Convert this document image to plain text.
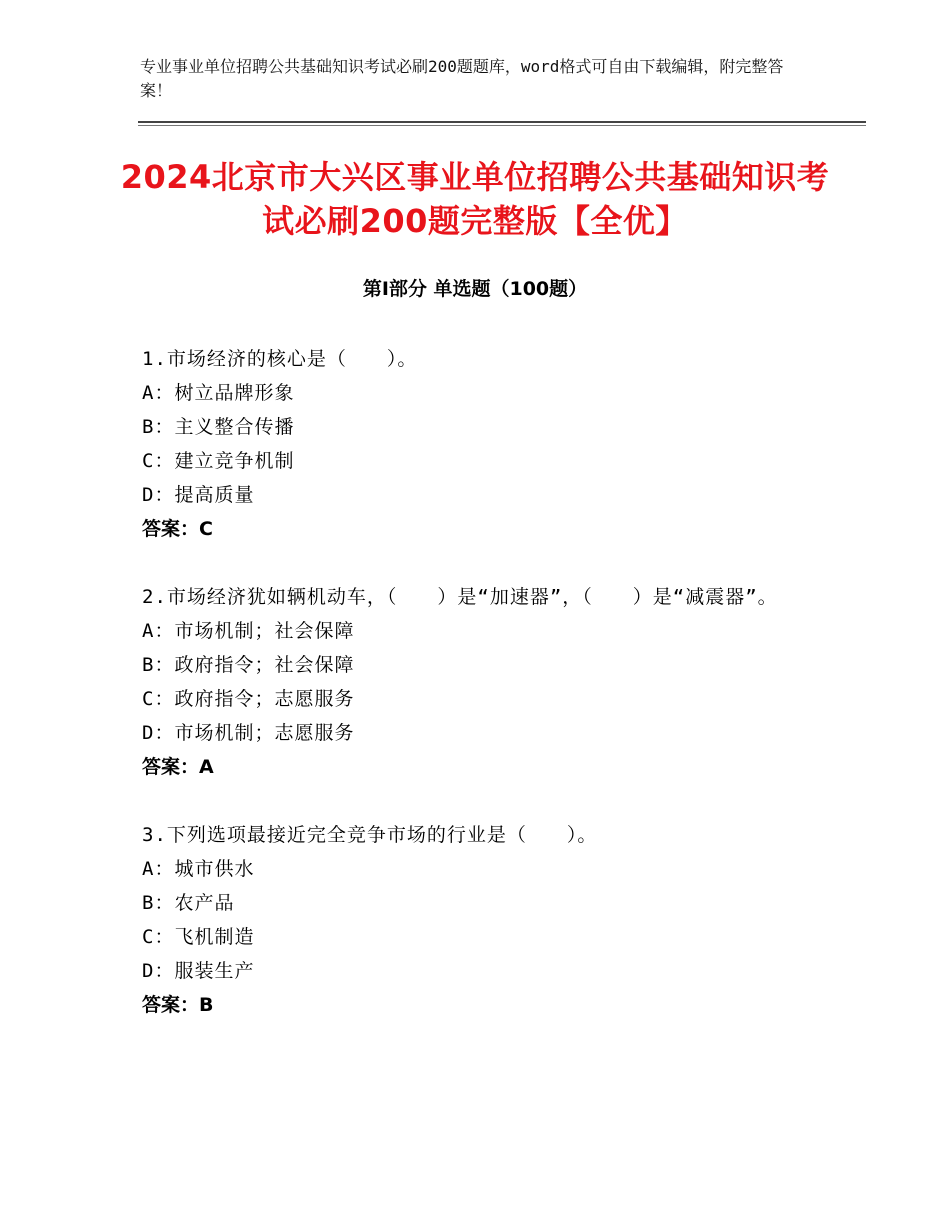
专业事业单位招聘公共基础知识考试必刷200题题库，word格式可自由下载编辑，附完整答案！
2024北京市大兴区事业单位招聘公共基础知识考试必刷200题完整版【全优】
第Ⅰ部分 单选题（100题）

1.市场经济的核心是（　　）。

A：树立品牌形象

B：主义整合传播

C：建立竞争机制

D：提高质量

答案：C

2.市场经济犹如辆机动车，（　　）是“加速器”，（　　）是“减震器”。

A：市场机制；社会保障

B：政府指令；社会保障

C：政府指令；志愿服务

D：市场机制；志愿服务

答案：A

3.下列选项最接近完全竞争市场的行业是（　　）。

A：城市供水

B：农产品

C：飞机制造

D：服装生产

答案：B
